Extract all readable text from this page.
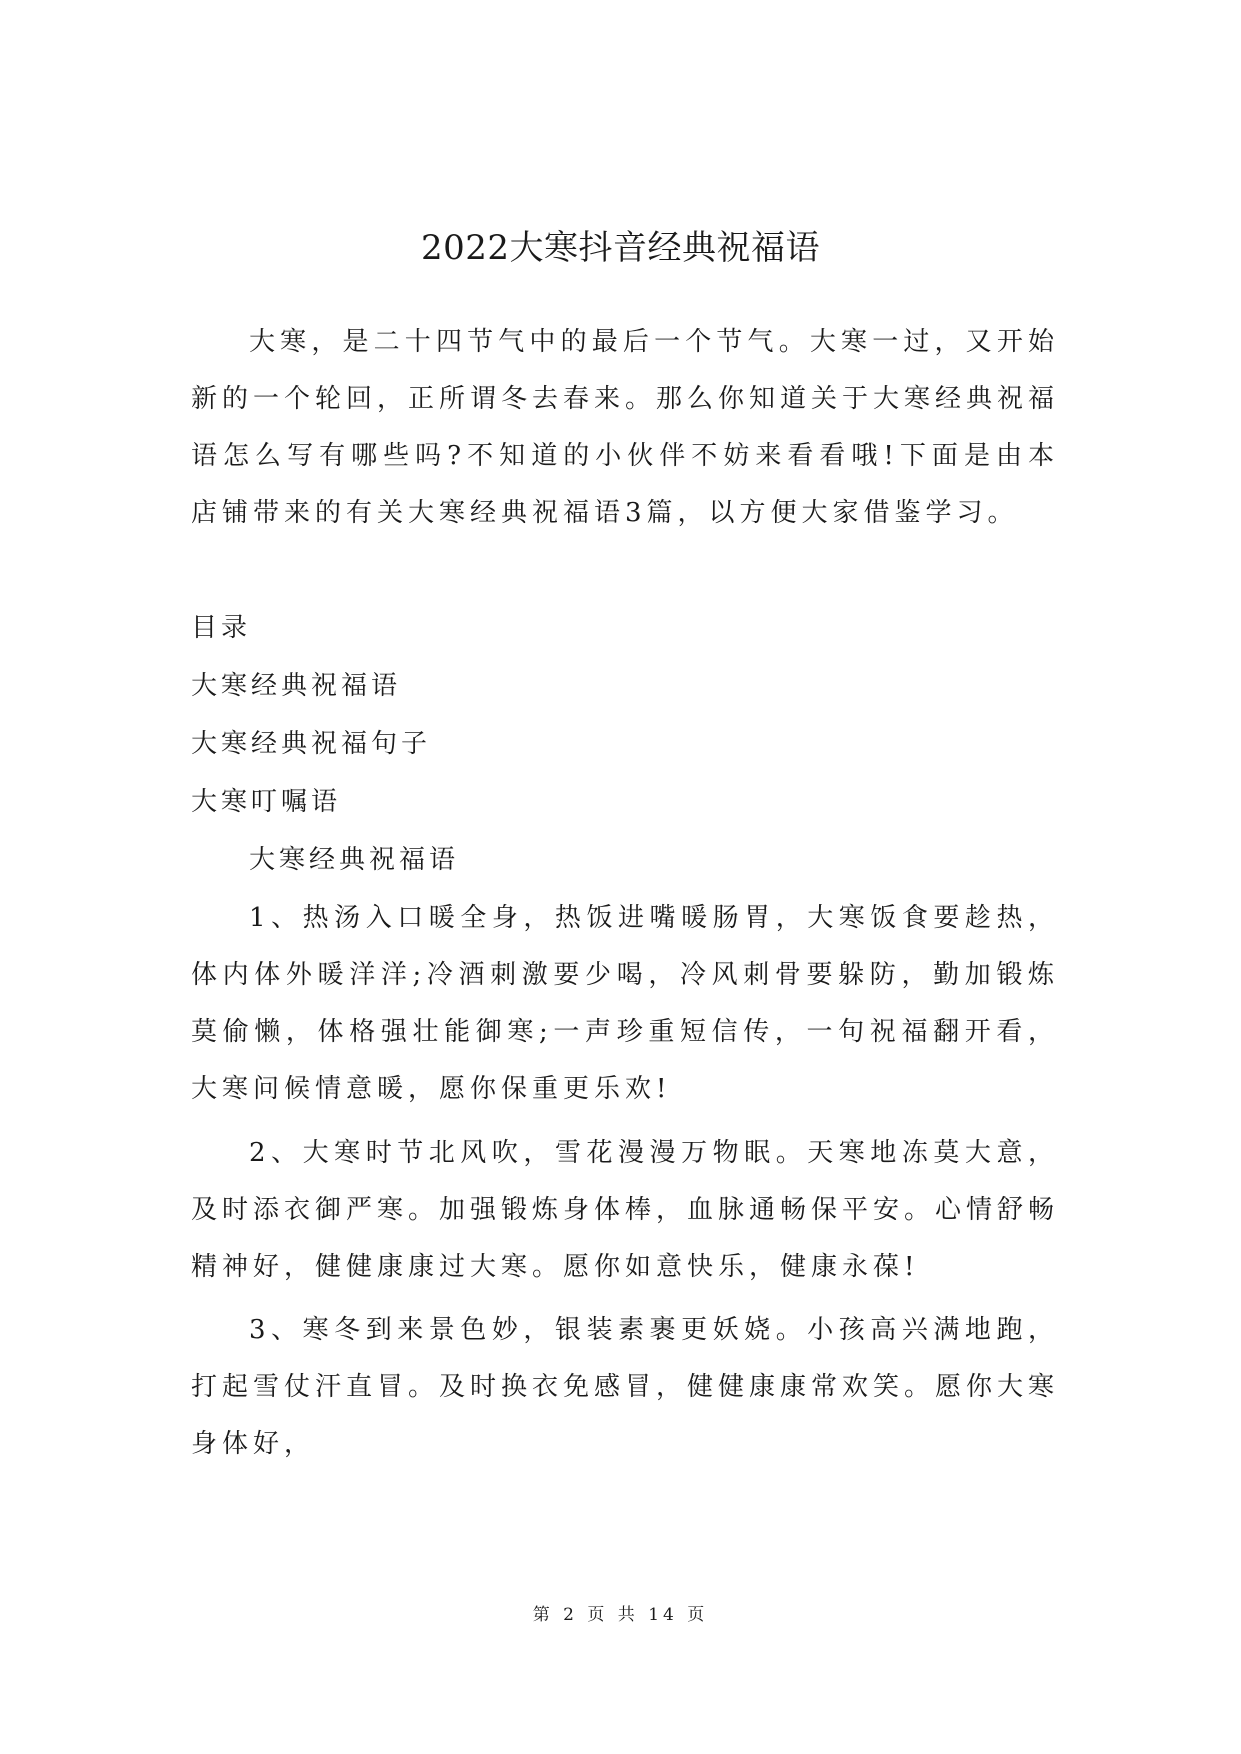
2022大寒抖音经典祝福语

大寒，是二十四节气中的最后一个节气。大寒一过，又开始新的一个轮回，正所谓冬去春来。那么你知道关于大寒经典祝福语怎么写有哪些吗?不知道的小伙伴不妨来看看哦!下面是由本店铺带来的有关大寒经典祝福语3篇，以方便大家借鉴学习。

目录

大寒经典祝福语

大寒经典祝福句子

大寒叮嘱语

大寒经典祝福语

1、热汤入口暖全身，热饭进嘴暖肠胃，大寒饭食要趁热，体内体外暖洋洋;冷酒刺激要少喝，冷风刺骨要躲防，勤加锻炼莫偷懒，体格强壮能御寒;一声珍重短信传，一句祝福翻开看，大寒问候情意暖，愿你保重更乐欢!

2、大寒时节北风吹，雪花漫漫万物眠。天寒地冻莫大意，及时添衣御严寒。加强锻炼身体棒，血脉通畅保平安。心情舒畅精神好，健健康康过大寒。愿你如意快乐，健康永葆!

3、寒冬到来景色妙，银装素裹更妖娆。小孩高兴满地跑，打起雪仗汗直冒。及时换衣免感冒，健健康康常欢笑。愿你大寒身体好，

第 2 页 共 14 页
